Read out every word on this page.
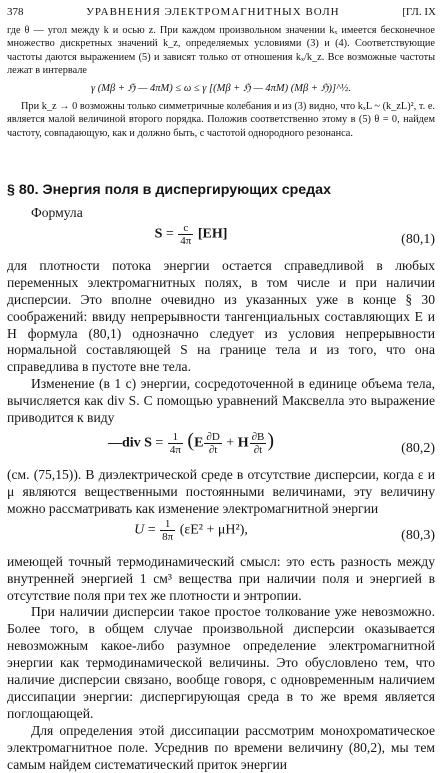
378	УРАВНЕНИЯ ЭЛЕКТРОМАГНИТНЫХ ВОЛН	[ГЛ. IX

где θ — угол между k и осью z. При каждом произвольном значении kₓ имеется бесконечное множество дискретных значений k_z, определяемых условиями (3) и (4). Соответствующие частоты даются выражением (5) и зависят только от отношения kₓ/k_z. Все возможные частоты лежат в интервале

γ (Mβ + ℌ — 4πM) ≤ ω ≤ γ [(Mβ + ℌ — 4πM) (Mβ + ℌ)]^½.

При k_z → 0 возможны только симметричные колебания и из (3) видно, что kₓL ~ (k_zL)², т. е. является малой величиной второго порядка. Положив соответственно этому в (5) θ = 0, найдем частоту, совпадающую, как и должно быть, с частотой однородного резонанса.

§ 80. Энергия поля в диспергирующих средах

Формула

$S = \frac{c}{4\pi} [EH]$	(80,1)

для плотности потока энергии остается справедливой в любых переменных электромагнитных полях, в том числе и при наличии дисперсии. Это вполне очевидно из указанных уже в конце § 30 соображений: ввиду непрерывности тангенциальных составляющих E и H формула (80,1) однозначно следует из условия непрерывности нормальной составляющей S на границе тела и из того, что она справедлива в пустоте вне тела.

Изменение (в 1 с) энергии, сосредоточенной в единице объема тела, вычисляется как div S. С помощью уравнений Максвелла это выражение приводится к виду

—div $S = \frac{1}{4\pi} (E \frac{\partial D}{\partial t} + H \frac{\partial B}{\partial t}$ )	(80,2)

(см. (75,15)). В диэлектрической среде в отсутствие дисперсии, когда ε и μ являются вещественными постоянными величинами, эту величину можно рассматривать как изменение электромагнитной энергии

$U = \frac{1}{8\pi} (\varepsilon E^2 + \mu H^2)$,	(80,3)

имеющей точный термодинамический смысл: это есть разность между внутренней энергией 1 см³ вещества при наличии поля и энергией в отсутствие поля при тех же плотности и энтропии.

При наличии дисперсии такое простое толкование уже невозможно. Более того, в общем случае произвольной дисперсии оказывается невозможным какое-либо разумное определение электромагнитной энергии как термодинамической величины. Это обусловлено тем, что наличие дисперсии связано, вообще говоря, с одновременным наличием диссипации энергии: диспергирующая среда в то же время является поглощающей.

Для определения этой диссипации рассмотрим монохроматическое электромагнитное поле. Усреднив по времени величину (80,2), мы тем самым найдем систематический приток энергии
